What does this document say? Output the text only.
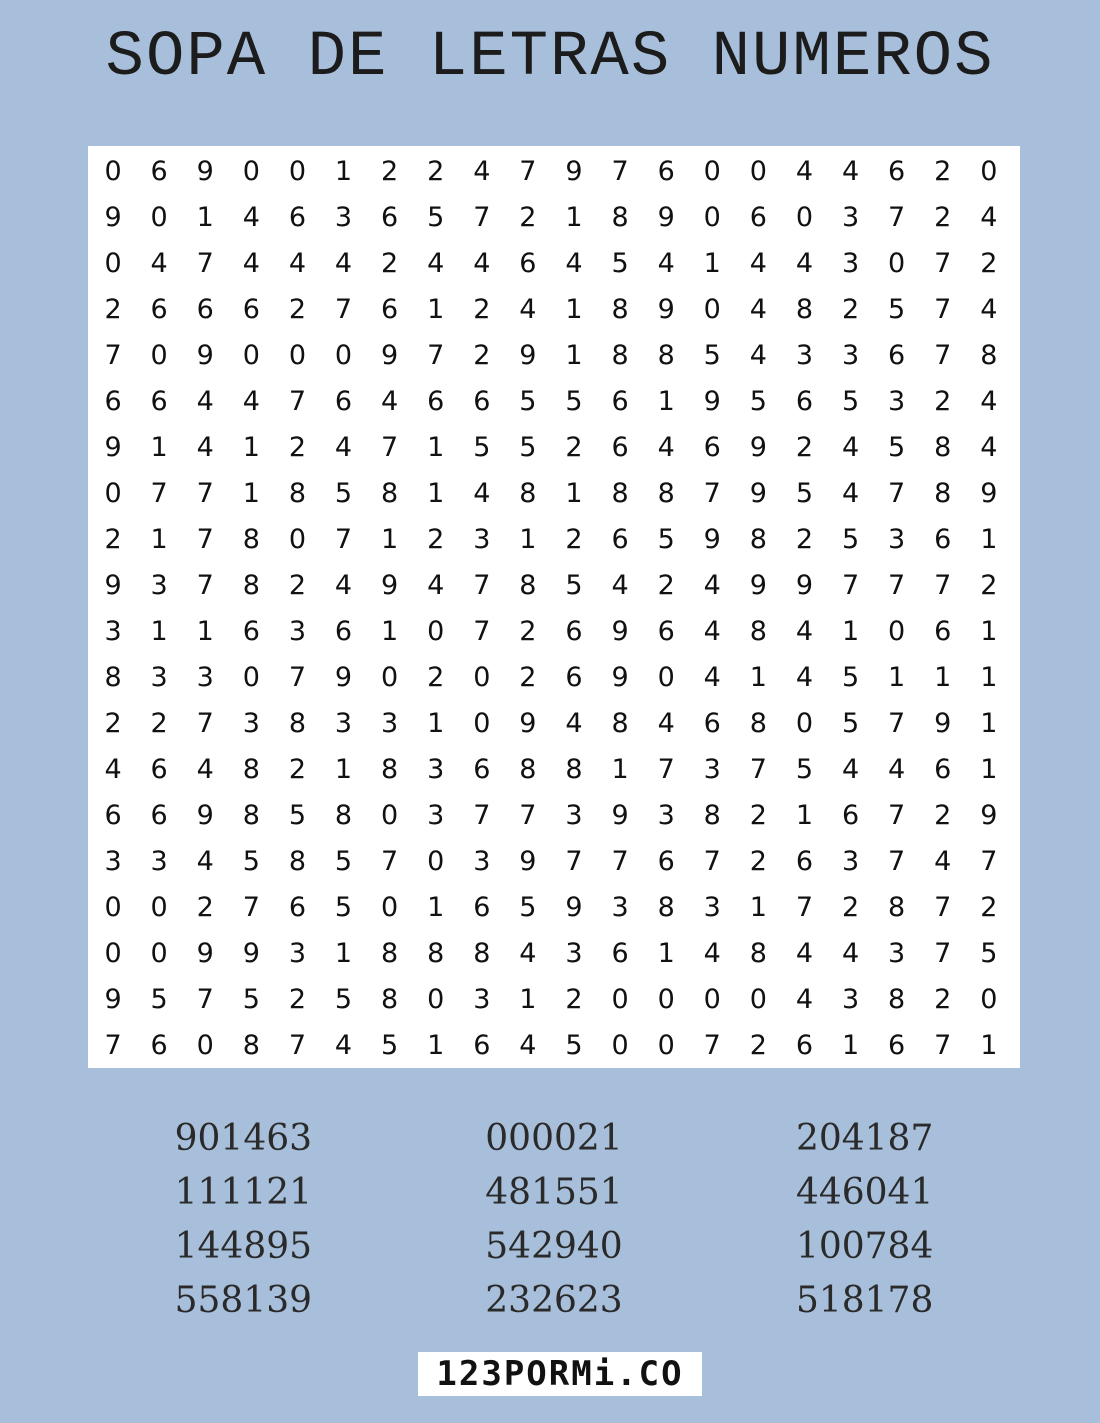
SOPA DE LETRAS NUMEROS
0	6	9	0	0	1	2	2	4	7	9	7	6	0	0	4	4	6	2	0
9	0	1	4	6	3	6	5	7	2	1	8	9	0	6	0	3	7	2	4
0	4	7	4	4	4	2	4	4	6	4	5	4	1	4	4	3	0	7	2
2	6	6	6	2	7	6	1	2	4	1	8	9	0	4	8	2	5	7	4
7	0	9	0	0	0	9	7	2	9	1	8	8	5	4	3	3	6	7	8
6	6	4	4	7	6	4	6	6	5	5	6	1	9	5	6	5	3	2	4
9	1	4	1	2	4	7	1	5	5	2	6	4	6	9	2	4	5	8	4
0	7	7	1	8	5	8	1	4	8	1	8	8	7	9	5	4	7	8	9
2	1	7	8	0	7	1	2	3	1	2	6	5	9	8	2	5	3	6	1
9	3	7	8	2	4	9	4	7	8	5	4	2	4	9	9	7	7	7	2
3	1	1	6	3	6	1	0	7	2	6	9	6	4	8	4	1	0	6	1
8	3	3	0	7	9	0	2	0	2	6	9	0	4	1	4	5	1	1	1
2	2	7	3	8	3	3	1	0	9	4	8	4	6	8	0	5	7	9	1
4	6	4	8	2	1	8	3	6	8	8	1	7	3	7	5	4	4	6	1
6	6	9	8	5	8	0	3	7	7	3	9	3	8	2	1	6	7	2	9
3	3	4	5	8	5	7	0	3	9	7	7	6	7	2	6	3	7	4	7
0	0	2	7	6	5	0	1	6	5	9	3	8	3	1	7	2	8	7	2
0	0	9	9	3	1	8	8	8	4	3	6	1	4	8	4	4	3	7	5
9	5	7	5	2	5	8	0	3	1	2	0	0	0	0	4	3	8	2	0
7	6	0	8	7	4	5	1	6	4	5	0	0	7	2	6	1	6	7	1
901463	000021	204187
111121	481551	446041
144895	542940	100784
558139	232623	518178
123PORMi.CO
